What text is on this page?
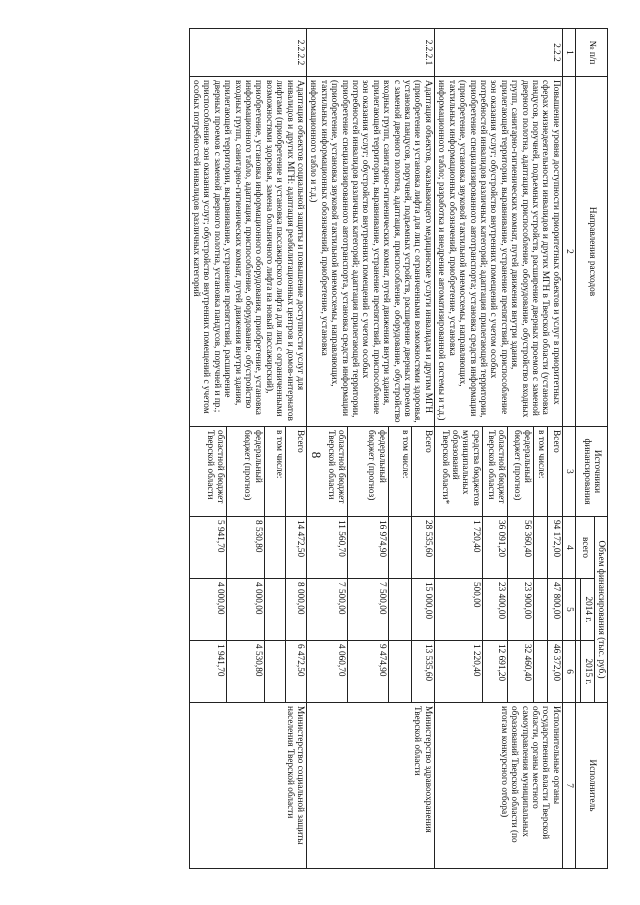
8
№ п/п	Направления расходов	Источники финансирования	Объем финансирования (тыс. руб.)			Исполнитель
			всего	2014 г.	2015 г.	

1	2	3	4	5	6	7
2.2.2	Повышение уровня доступности приоритетных объектов и услуг в приоритетных сферах жизнедеятельности инвалидов и других МГН в Тверской области (установка пандусов, поручней, подъемных устройств, расширение дверных проемов с заменой дверного полотна, адаптация, приспособление, оборудование, обустройство входных групп, санитарно-гигиенических комнат, путей движения внутри здания, прилегающей территории, выравнивание, устранение препятствий, приспособление зон оказания услуг; обустройство внутренних помещений с учетом особых потребностей инвалидов различных категорий; адаптация прилегающей территории, приобретение специализированного автотранспорта; установка средств информации (приобретение, установка звуковой тактильной мнемосхемы, направляющих, тактильных информационных обозначений, приобретение, установка информационного табло; разработка и внедрение автоматизированной системы и т.д.)	Всего	94 172,00	47 800,00	46 372,00	Исполнительные органы государственной власти Тверской области, органы местного самоуправления муниципальных образований Тверской области (по итогам конкурсного отбора)
		в том числе:				
		федеральный бюджет (прогноз)	56 360,40	23 900,00	32 460,40	
		областной бюджет Тверской области	36 091,20	23 400,00	12 691,20	
		средства бюджетов муниципальных образований Тверской области*	1 720,40	500,00	1 220,40	
2.2.2.1	Адаптация объектов, оказывающего медицинские услуги инвалидам и другим МГН (приобретение и установка лифта для лиц с ограниченными возможностями здоровья, установка пандусов, поручней, подъемных устройств, расширение дверных проемов с заменой дверного полотна, адаптация, приспособление, оборудование, обустройство входных групп, санитарно-гигиенических комнат, путей движения внутри здания, прилегающей территории, выравнивание, устранение препятствий, приспособление зон оказания услуг; обустройство внутренних помещений с учетом особых потребностей инвалидов различных категорий; адаптация прилегающей территории, приобретение специализированного автотранспорта, установка средств информации (приобретение, установка звуковой тактильной мнемосхемы, направляющих, тактильных информационных обозначений, приобретение, установка информационного табло и т.д.)	Всего	28 535,60	15 000,00	13 535,60	Министерство здравоохранения Тверской области
		в том числе:				
		федеральный бюджет (прогноз)	16 974,90	7 500,00	9 474,90	
		областной бюджет Тверской области	11 560,70	7 500,00	4 060,70	
2.2.2.2	Адаптация объектов социальной защиты и повышение доступности услуг для инвалидов и других МГН: адаптация реабилитационных центров и домов-интернатов лифтами (приобретение и установка пассажирского лифта для лиц с ограниченными возможностями здоровья, замена больничного лифта на новый пассажирский), приобретение, установка информационного оборудования, приобретение, установка информационного табло, адаптация, приспособление, оборудование, обустройство входных групп, санитарно-гигиенических комнат, путей движения внутри здания, прилегающей территории, выравнивание, устранение препятствий, расширение дверных проемов с заменой дверного полотна, установка пандусов, поручней и пр.; приспособление зон оказания услуг; обустройство внутренних помещений с учетом особых потребностей инвалидов различных категорий	Всего	14 472,50	8 000,00	6 472,50	Министерство социальной защиты населения Тверской области
		в том числе:				
		федеральный бюджет (прогноз)	8 530,80	4 000,00	4 530,80	
		областной бюджет Тверской области	5 941,70	4 000,00	1 941,70	
